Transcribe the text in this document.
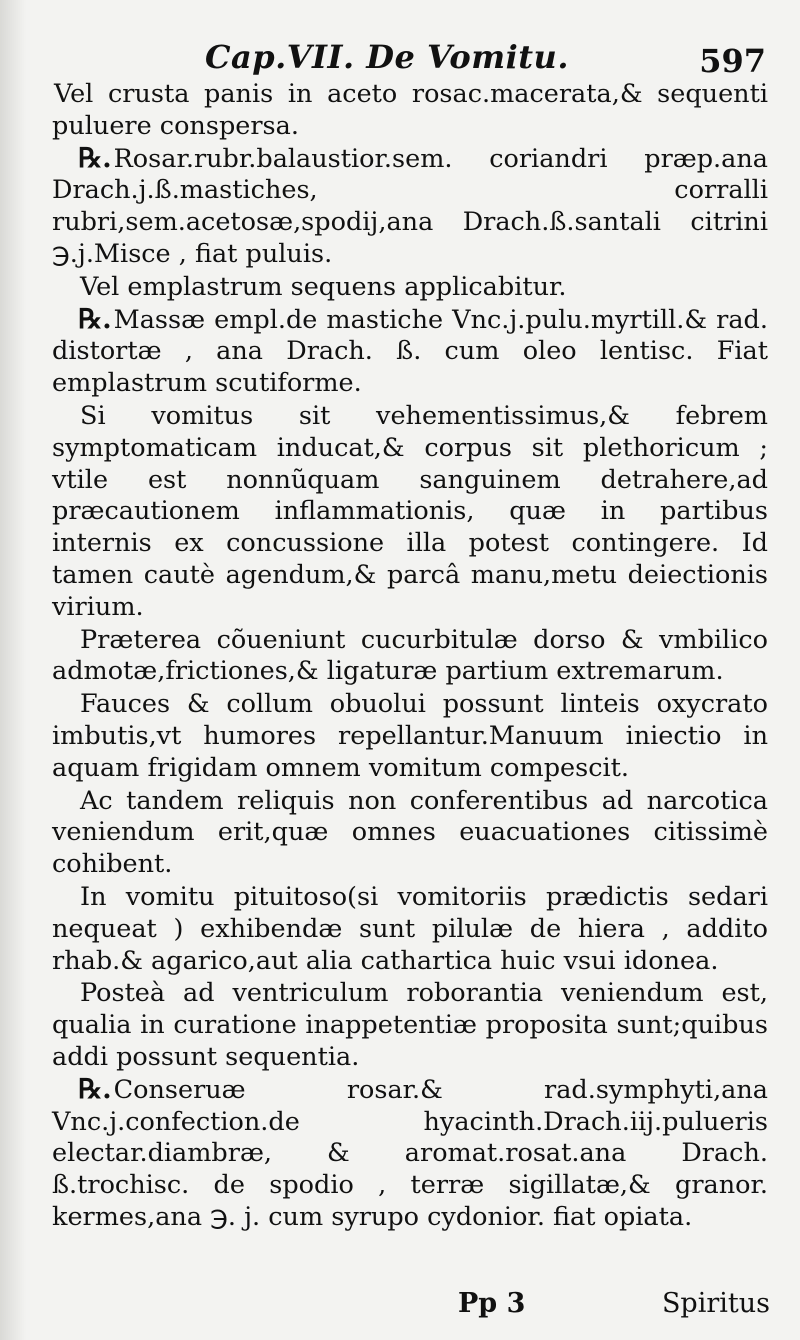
Cap.VII. De Vomitu.	597

Vel crusta panis in aceto rosac.macerata,& sequenti puluere conspersa.

℞.Rosar.rubr.balaustior.sem. coriandri præp.ana Drach.j.ß.mastiches, corralli rubri,sem.acetosæ,spodij,ana Drach.ß.santali citrini ℈.j.Misce , fiat puluis.

Vel emplastrum sequens applicabitur.

℞.Massæ empl.de mastiche Vnc.j.pulu.myrtill.& rad. distortæ , ana Drach. ß. cum oleo lentisc. Fiat emplastrum scutiforme.

Si vomitus sit vehementissimus,& febrem symptomaticam inducat,& corpus sit plethoricum ; vtile est nonnũquam sanguinem detrahere,ad præcautionem inflammationis, quæ in partibus internis ex concussione illa potest contingere. Id tamen cautè agendum,& parcâ manu,metu deiectionis virium.

Præterea cõueniunt cucurbitulæ dorso & vmbilico admotæ,frictiones,& ligaturæ partium extremarum.

Fauces & collum obuolui possunt linteis oxycrato imbutis,vt humores repellantur.Manuum iniectio in aquam frigidam omnem vomitum compescit.

Ac tandem reliquis non conferentibus ad narcotica veniendum erit,quæ omnes euacuationes citissimè cohibent.

In vomitu pituitoso(si vomitoriis prædictis sedari nequeat ) exhibendæ sunt pilulæ de hiera , addito rhab.& agarico,aut alia cathartica huic vsui idonea.

Posteà ad ventriculum roborantia veniendum est, qualia in curatione inappetentiæ proposita sunt;quibus addi possunt sequentia.

℞.Conseruæ rosar.& rad.symphyti,ana Vnc.j.confection.de hyacinth.Drach.iij.pulueris electar.diambræ, & aromat.rosat.ana Drach. ß.trochisc. de spodio , terræ sigillatæ,& granor. kermes,ana ℈. j. cum syrupo cydonior. fiat opiata.

Pp 3	Spiritus
